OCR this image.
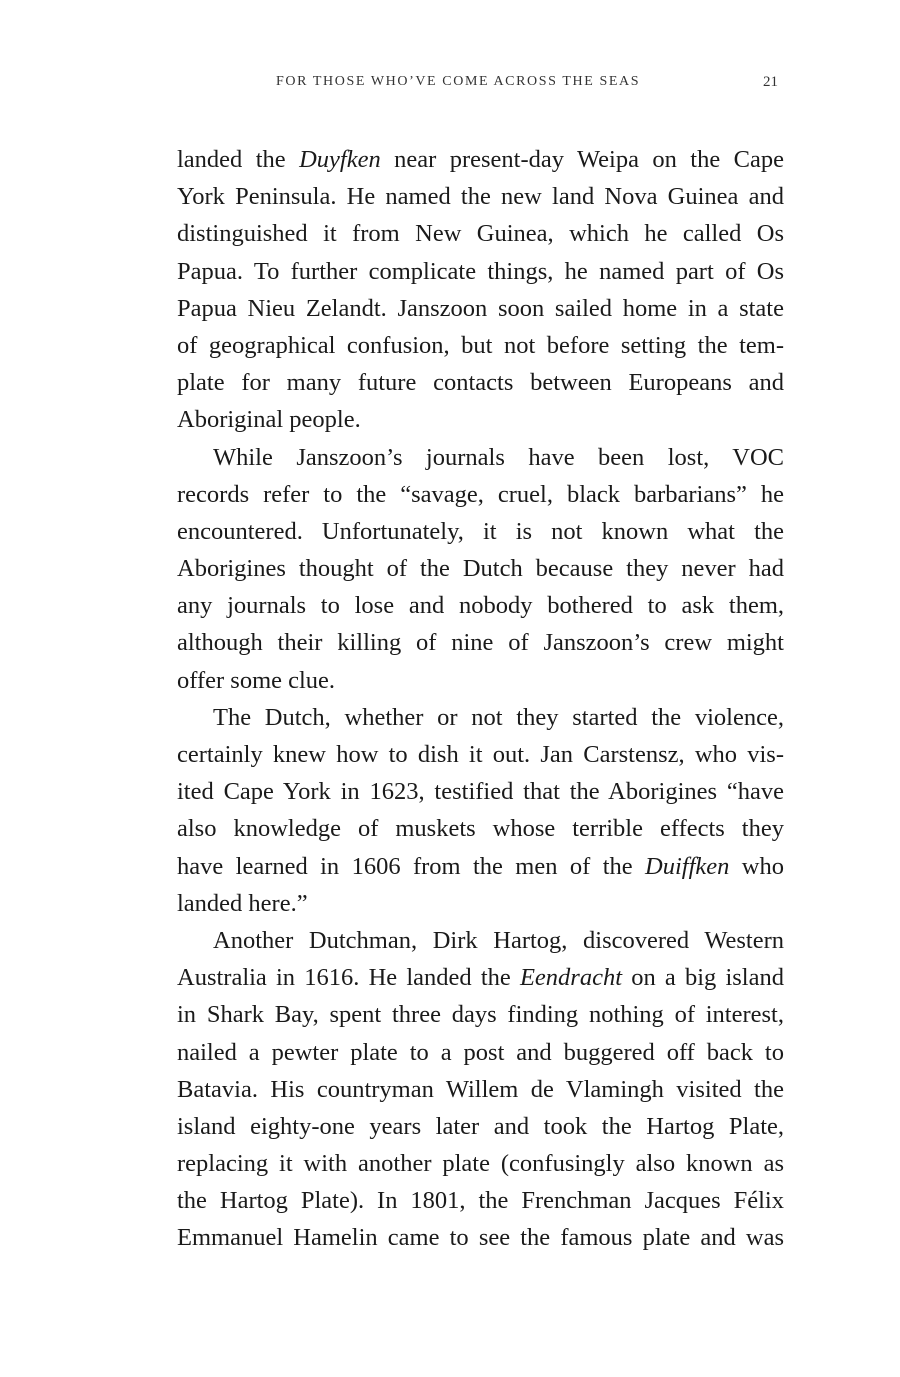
FOR THOSE WHO’VE COME ACROSS THE SEAS	21
landed the Duyfken near present-day Weipa on the Cape
York Peninsula. He named the new land Nova Guinea and
distinguished it from New Guinea, which he called Os
Papua. To further complicate things, he named part of Os
Papua Nieu Zelandt. Janszoon soon sailed home in a state
of geographical confusion, but not before setting the tem-
plate for many future contacts between Europeans and
Aboriginal people.
While Janszoon’s journals have been lost, VOC
records refer to the “savage, cruel, black barbarians” he
encountered. Unfortunately, it is not known what the
Aborigines thought of the Dutch because they never had
any journals to lose and nobody bothered to ask them,
although their killing of nine of Janszoon’s crew might
offer some clue.
The Dutch, whether or not they started the violence,
certainly knew how to dish it out. Jan Carstensz, who vis-
ited Cape York in 1623, testified that the Aborigines “have
also knowledge of muskets whose terrible effects they
have learned in 1606 from the men of the Duiffken who
landed here.”
Another Dutchman, Dirk Hartog, discovered Western
Australia in 1616. He landed the Eendracht on a big island
in Shark Bay, spent three days finding nothing of interest,
nailed a pewter plate to a post and buggered off back to
Batavia. His countryman Willem de Vlamingh visited the
island eighty-one years later and took the Hartog Plate,
replacing it with another plate (confusingly also known as
the Hartog Plate). In 1801, the Frenchman Jacques Félix
Emmanuel Hamelin came to see the famous plate and was
